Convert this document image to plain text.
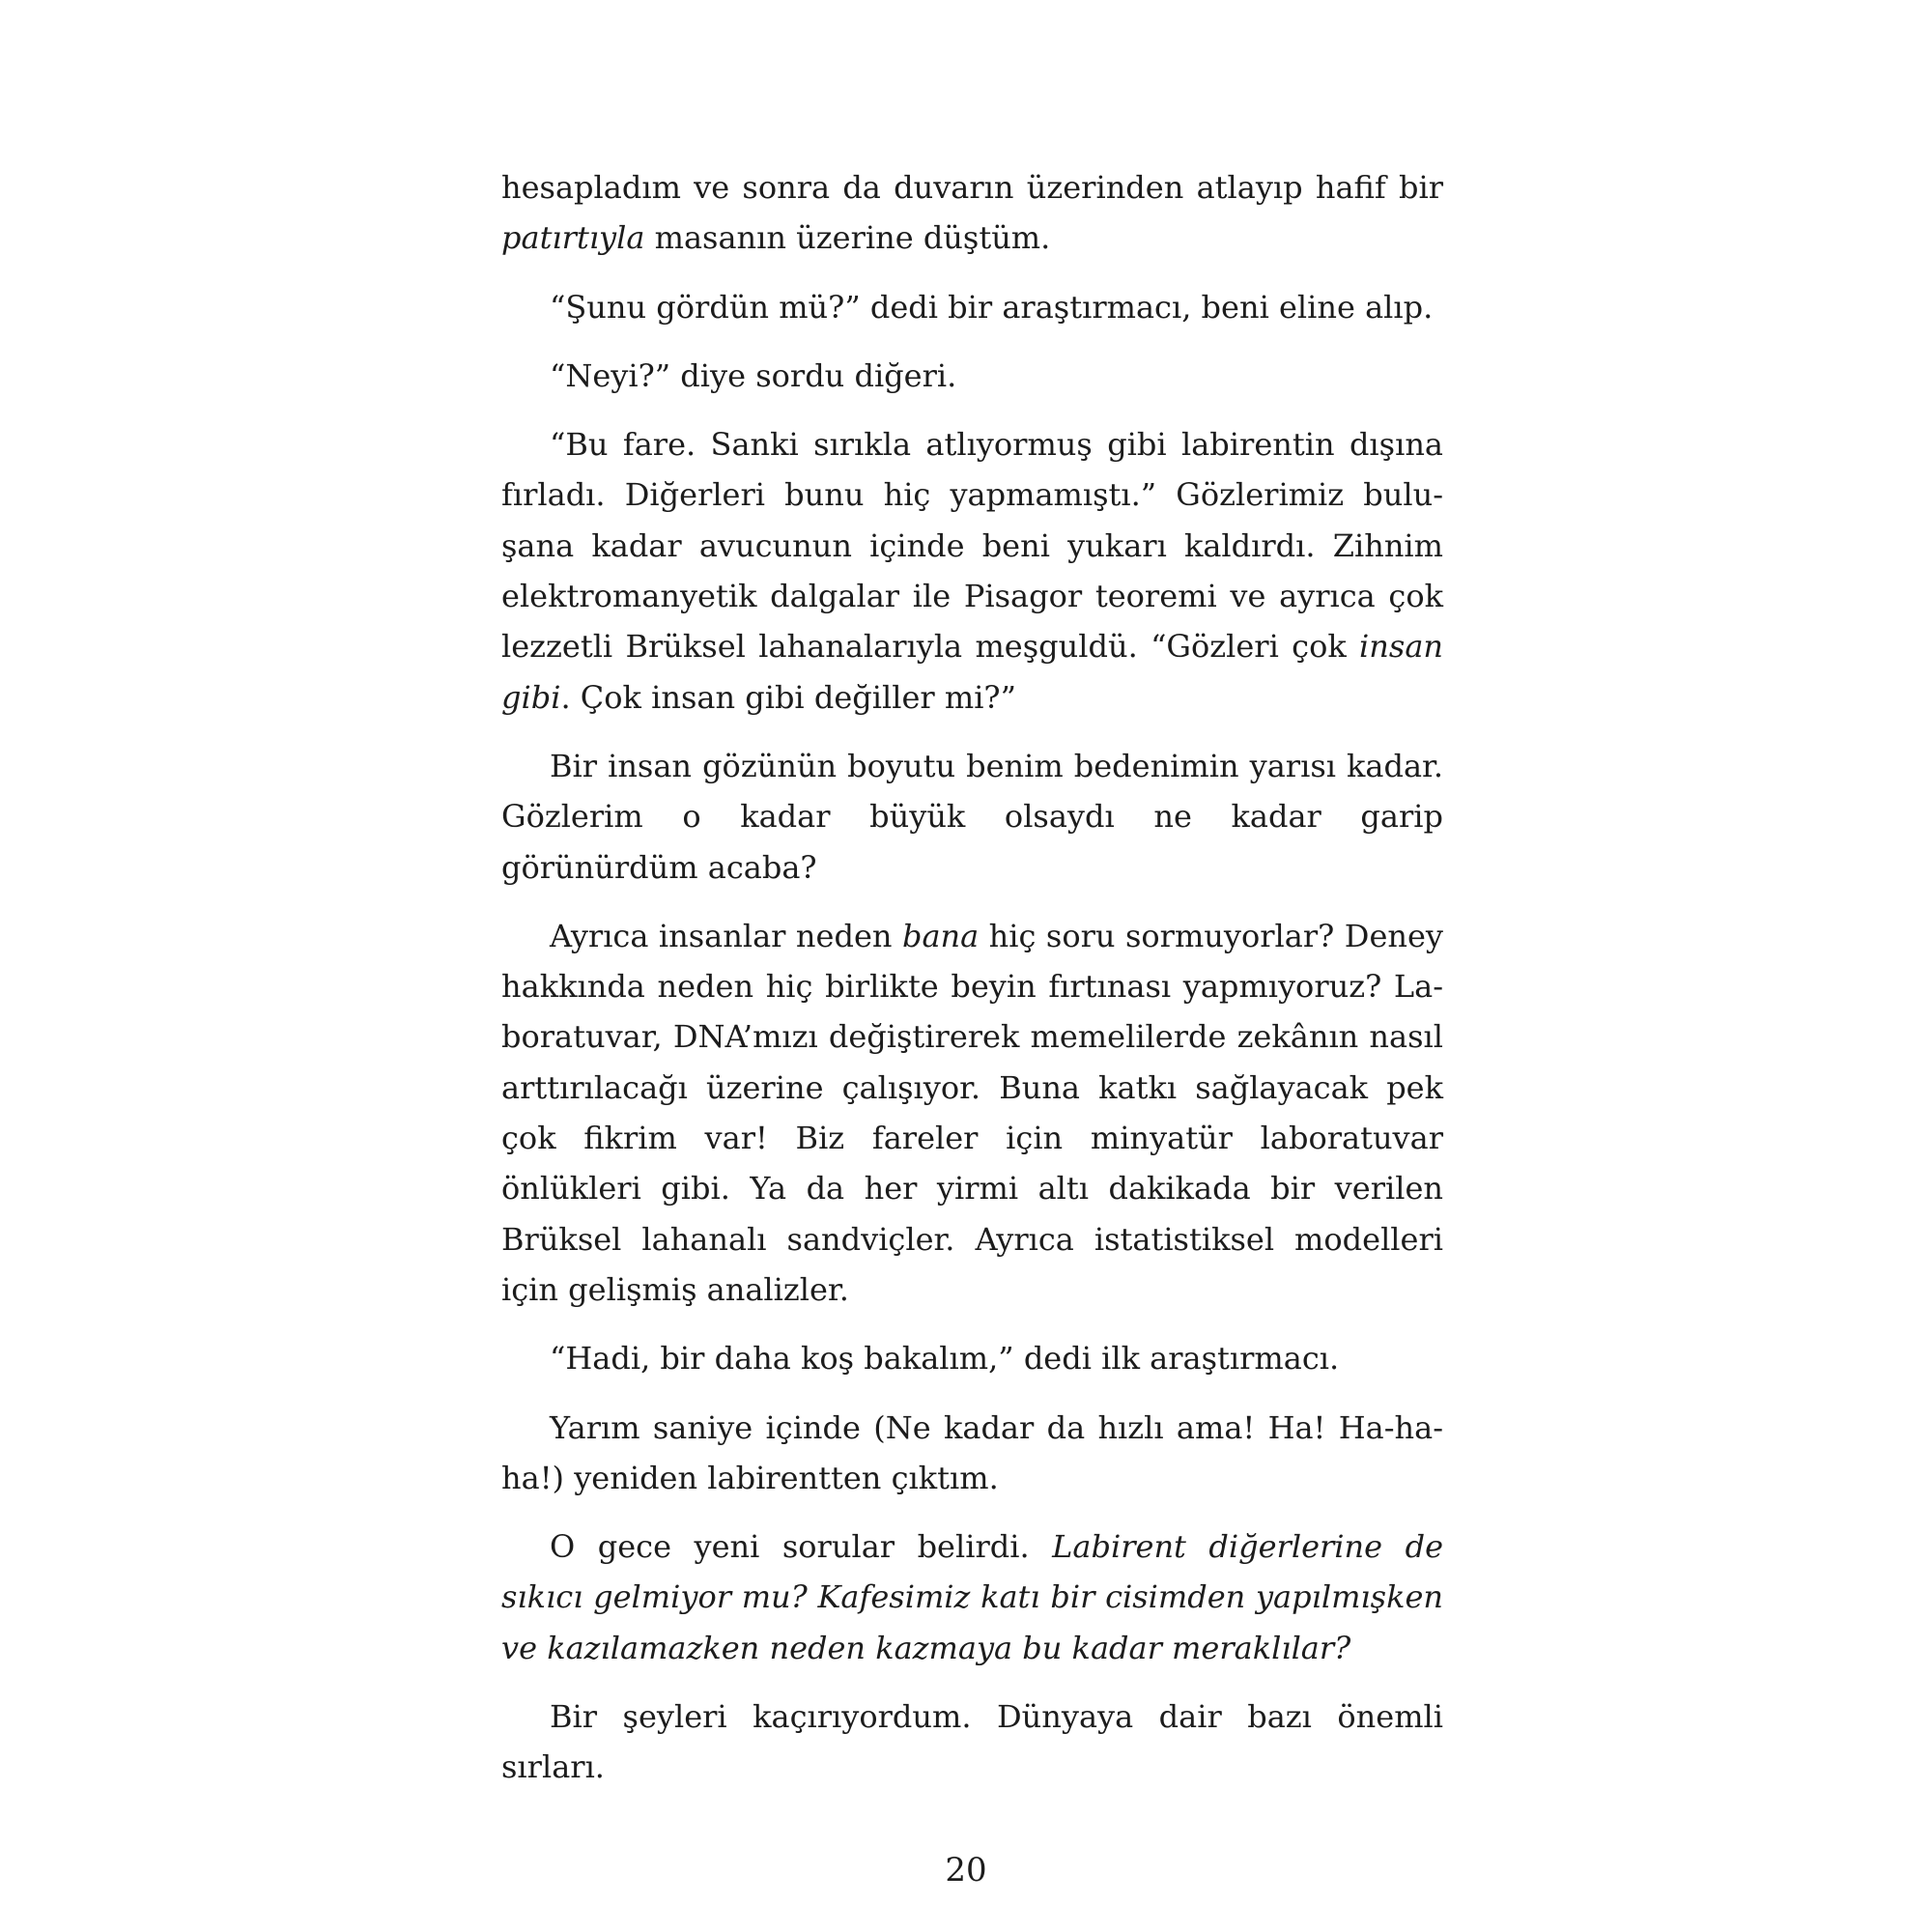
hesapladım ve sonra da duvarın üzerinden atlayıp hafif bir patırtıyla masanın üzerine düştüm.

“Şunu gördün mü?” dedi bir araştırmacı, beni eline alıp.

“Neyi?” diye sordu diğeri.

“Bu fare. Sanki sırıkla atlıyormuş gibi labirentin dışına fırladı. Diğerleri bunu hiç yapmamıştı.” Gözlerimiz buluşana kadar avucunun içinde beni yukarı kaldırdı. Zihnim elektromanyetik dalgalar ile Pisagor teoremi ve ayrıca çok lezzetli Brüksel lahanalarıyla meşguldü. “Gözleri çok insan gibi. Çok insan gibi değiller mi?”

Bir insan gözünün boyutu benim bedenimin yarısı kadar. Gözlerim o kadar büyük olsaydı ne kadar garip görünürdüm acaba?

Ayrıca insanlar neden bana hiç soru sormuyorlar? Deney hakkında neden hiç birlikte beyin fırtınası yapmıyoruz? Laboratuvar, DNA’mızı değiştirerek memelilerde zekânın nasıl arttırılacağı üzerine çalışıyor. Buna katkı sağlayacak pek çok fikrim var! Biz fareler için minyatür laboratuvar önlükleri gibi. Ya da her yirmi altı dakikada bir verilen Brüksel lahanalı sandviçler. Ayrıca istatistiksel modelleri için gelişmiş analizler.

“Hadi, bir daha koş bakalım,” dedi ilk araştırmacı.

Yarım saniye içinde (Ne kadar da hızlı ama! Ha! Ha-ha-ha!) yeniden labirentten çıktım.

O gece yeni sorular belirdi. Labirent diğerlerine de sıkıcı gelmiyor mu? Kafesimiz katı bir cisimden yapılmışken ve kazılamazken neden kazmaya bu kadar meraklılar?

Bir şeyleri kaçırıyordum. Dünyaya dair bazı önemli sırları.

20
